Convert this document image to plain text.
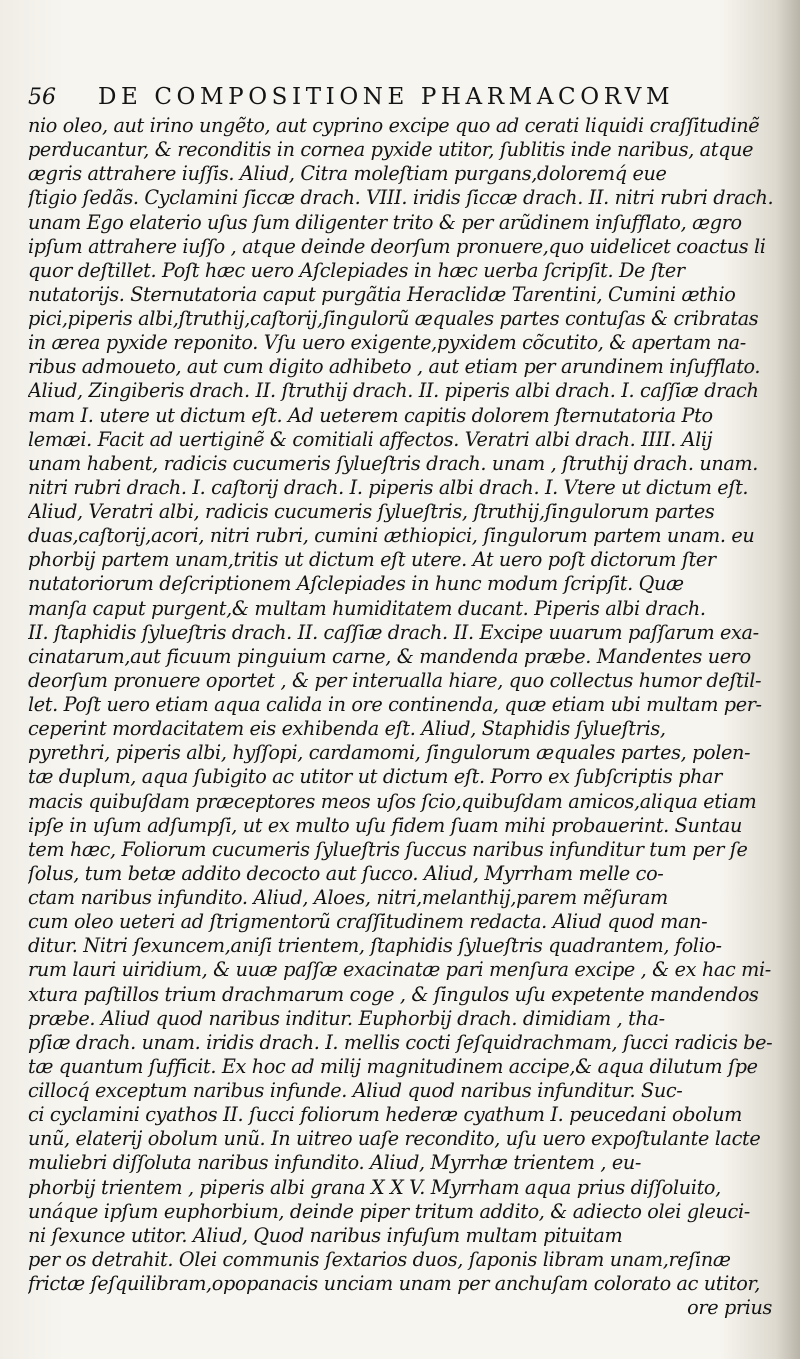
56	DE COMPOSITIONE PHARMACORVM
nio oleo, aut irino ungẽto, aut cyprino excipe quo ad cerati liquidi craſſitudinẽ
perducantur, & reconditis in cornea pyxide utitor, ſublitis inde naribus, atque
ægris attrahere iuſſis. Aliud, Citra moleſtiam purgans,doloremq́ eue
ſtigio ſedãs. Cyclamini ſiccæ drach. VIII. iridis ſiccæ drach. II. nitri rubri drach.
unam Ego elaterio uſus ſum diligenter trito & per arũdinem inſufflato, ægro
ipſum attrahere iuſſo , atque deinde deorſum pronuere,quo uidelicet coactus li
quor deſtillet. Poſt hæc uero Aſclepiades in hæc uerba ſcripſit. De ſter
nutatorijs. Sternutatoria caput purgãtia Heraclidæ Tarentini, Cumini æthio
pici,piperis albi,ſtruthij,caſtorij,ſingulorũ æquales partes contuſas & cribratas
in ærea pyxide reponito. Vſu uero exigente,pyxidem cõcutito, & apertam na-
ribus admoueto, aut cum digito adhibeto , aut etiam per arundinem inſufflato.
Aliud, Zingiberis drach. II. ſtruthij drach. II. piperis albi drach. I. caſſiæ drach
mam I. utere ut dictum eſt. Ad ueterem capitis dolorem ſternutatoria Pto
lemæi. Facit ad uertiginẽ & comitiali affectos. Veratri albi drach. IIII. Alij
unam habent, radicis cucumeris ſylueſtris drach. unam , ſtruthij drach. unam.
nitri rubri drach. I. caſtorij drach. I. piperis albi drach. I. Vtere ut dictum eſt.
Aliud, Veratri albi, radicis cucumeris ſylueſtris, ſtruthij,ſingulorum partes
duas,caſtorij,acori, nitri rubri, cumini æthiopici, ſingulorum partem unam. eu
phorbij partem unam,tritis ut dictum eſt utere. At uero poſt dictorum ſter
nutatoriorum deſcriptionem Aſclepiades in hunc modum ſcripſit. Quæ
manſa caput purgent,& multam humiditatem ducant. Piperis albi drach.
II. ſtaphidis ſylueſtris drach. II. caſſiæ drach. II. Excipe uuarum paſſarum exa-
cinatarum,aut ficuum pinguium carne, & mandenda præbe. Mandentes uero
deorſum pronuere oportet , & per interualla hiare, quo collectus humor deſtil-
let. Poſt uero etiam aqua calida in ore continenda, quæ etiam ubi multam per-
ceperint mordacitatem eis exhibenda eſt. Aliud, Staphidis ſylueſtris,
pyrethri, piperis albi, hyſſopi, cardamomi, ſingulorum æquales partes, polen-
tæ duplum, aqua ſubigito ac utitor ut dictum eſt. Porro ex ſubſcriptis phar
macis quibuſdam præceptores meos uſos ſcio,quibuſdam amicos,aliqua etiam
ipſe in uſum adſumpſi, ut ex multo uſu fidem ſuam mihi probauerint. Suntau
tem hæc, Foliorum cucumeris ſylueſtris ſuccus naribus infunditur tum per ſe
ſolus, tum betæ addito decocto aut ſucco. Aliud, Myrrham melle co-
ctam naribus infundito. Aliud, Aloes, nitri,melanthij,parem mẽſuram
cum oleo ueteri ad ſtrigmentorũ craſſitudinem redacta. Aliud quod man-
ditur. Nitri ſexuncem,aniſi trientem, ſtaphidis ſylueſtris quadrantem, folio-
rum lauri uiridium, & uuæ paſſæ exacinatæ pari menſura excipe , & ex hac mi-
xtura paſtillos trium drachmarum coge , & ſingulos uſu expetente mandendos
præbe. Aliud quod naribus inditur. Euphorbij drach. dimidiam , tha-
pſiæ drach. unam. iridis drach. I. mellis cocti ſeſquidrachmam, ſucci radicis be-
tæ quantum ſufficit. Ex hoc ad milij magnitudinem accipe,& aqua dilutum ſpe
cillocq́ exceptum naribus infunde. Aliud quod naribus infunditur. Suc-
ci cyclamini cyathos II. ſucci foliorum hederæ cyathum I. peucedani obolum
unũ, elaterij obolum unũ. In uitreo uaſe recondito, uſu uero expoſtulante lacte
muliebri diſſoluta naribus infundito. Aliud, Myrrhæ trientem , eu-
phorbij trientem , piperis albi grana X X V. Myrrham aqua prius diſſoluito,
unáque ipſum euphorbium, deinde piper tritum addito, & adiecto olei gleuci-
ni ſexunce utitor. Aliud, Quod naribus infuſum multam pituitam
per os detrahit. Olei communis ſextarios duos, ſaponis libram unam,reſinæ
frictæ ſeſquilibram,opopanacis unciam unam per anchuſam colorato ac utitor,
ore prius
